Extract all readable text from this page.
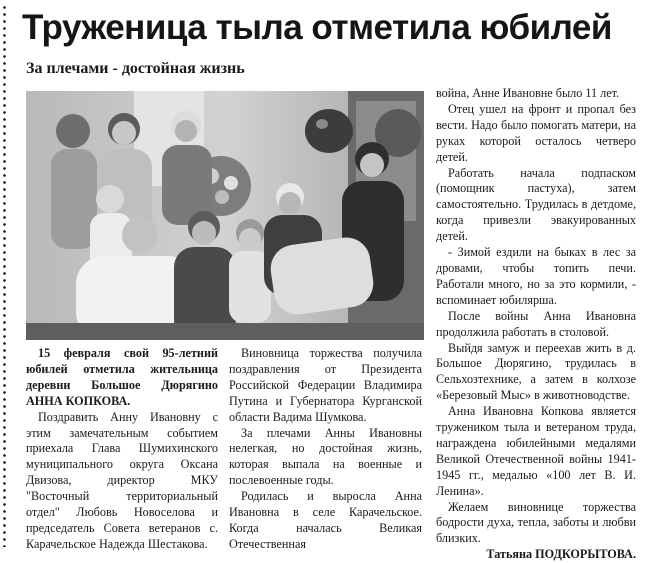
Труженица тыла отметила юбилей
За плечами - достойная жизнь

15 февраля свой 95-летний юбилей отметила жительница деревни Большое Дюрягино АННА КОПКОВА.

Поздравить Анну Ивановну с этим замечательным событием приехала Глава Шумихинского муниципального округа Оксана Двизова, директор МКУ "Восточный территориальный отдел" Любовь Новоселова и председатель Совета ветеранов с. Карачельское Надежда Шестакова.

Виновница торжества получила поздравления от Президента Российской Федерации Владимира Путина и Губернатора Курганской области Вадима Шумкова.

За плечами Анны Ивановны нелегкая, но достойная жизнь, которая выпала на военные и послевоенные годы.

Родилась и выросла Анна Ивановна в селе Карачельское. Когда началась Великая Отечественная

война, Анне Ивановне было 11 лет.

Отец ушел на фронт и пропал без вести. Надо было помогать матери, на руках которой осталось четверо детей.

Работать начала подпаском (помощник пастуха), затем самостоятельно. Трудилась в детдоме, когда привезли эвакуированных детей.

- Зимой ездили на быках в лес за дровами, чтобы топить печи. Работали много, но за это кормили, - вспоминает юбилярша.

После войны Анна Ивановна продолжила работать в столовой.

Выйдя замуж и переехав жить в д. Большое Дюрягино, трудилась в Сельхозтехнике, а затем в колхозе «Березовый Мыс» в животноводстве.

Анна Ивановна Копкова является тружеником тыла и ветераном труда, награждена юбилейными медалями Великой Отечественной войны 1941-1945 гг., медалью «100 лет В. И. Ленина».

Желаем виновнице торжества бодрости духа, тепла, заботы и любви близких.

Татьяна ПОДКОРЫТОВА.
